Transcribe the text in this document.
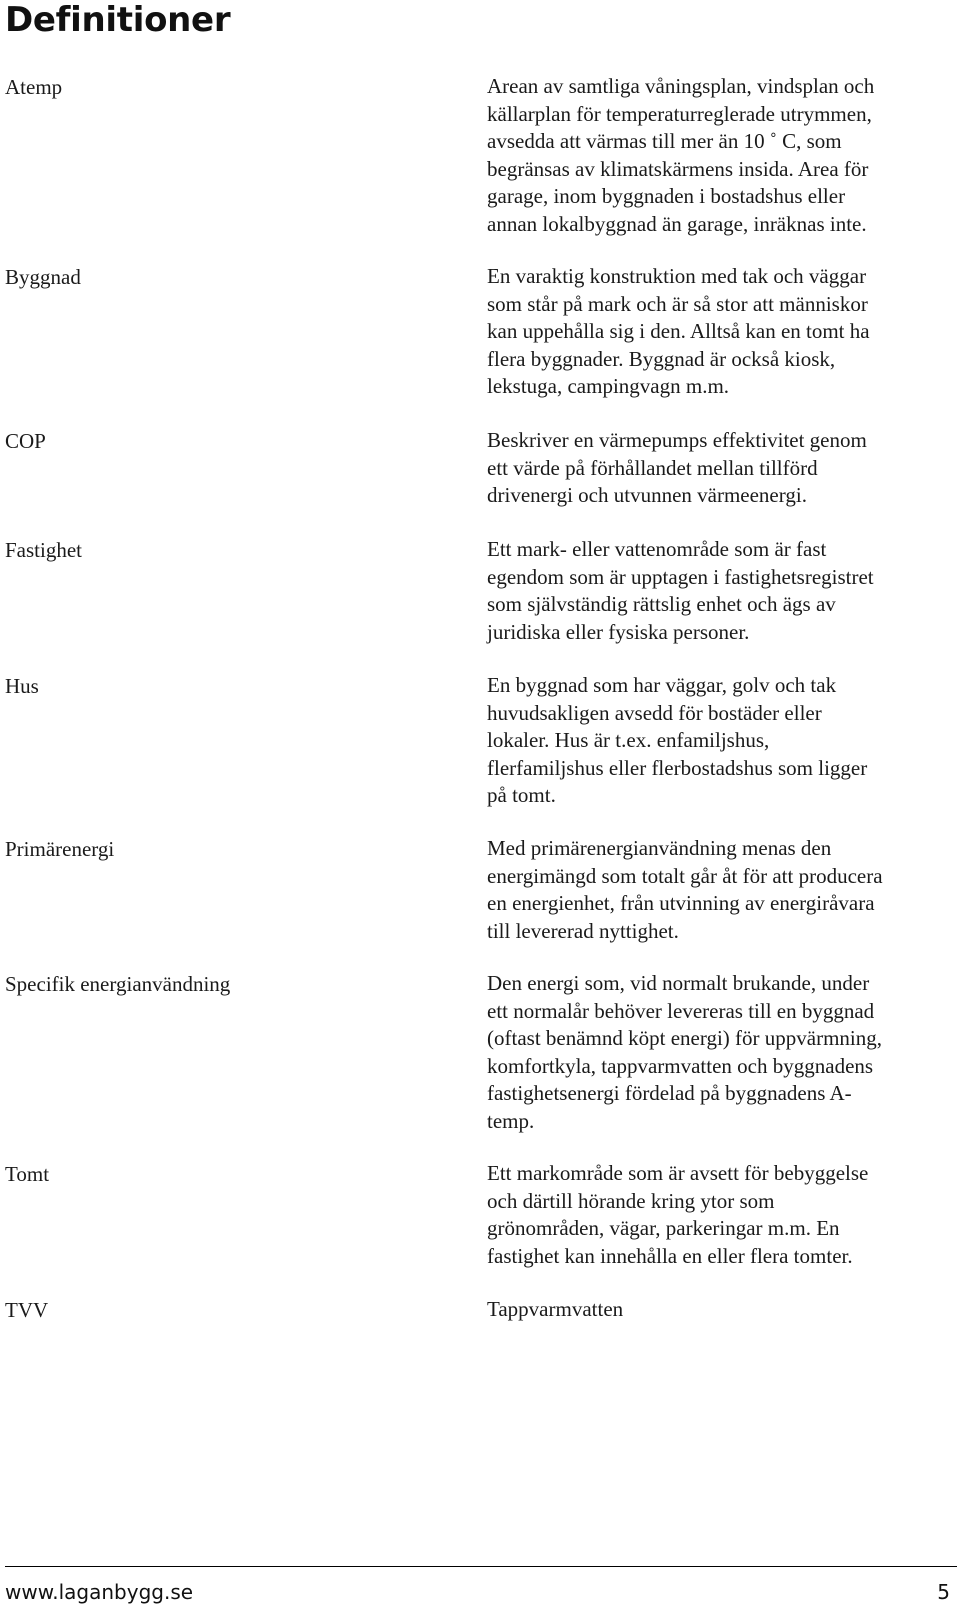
Definitioner
Atemp	Arean av samtliga våningsplan, vindsplan och
källarplan för temperaturreglerade utrymmen,
avsedda att värmas till mer än 10 ˚ C, som
begränsas av klimatskärmens insida. Area för
garage, inom byggnaden i bostadshus eller
annan lokalbyggnad än garage, inräknas inte.
Byggnad	En varaktig konstruktion med tak och väggar
som står på mark och är så stor att människor
kan uppehålla sig i den. Alltså kan en tomt ha
flera byggnader. Byggnad är också kiosk,
lekstuga, campingvagn m.m.
COP	Beskriver en värmepumps effektivitet genom
ett värde på förhållandet mellan tillförd
drivenergi och utvunnen värmeenergi.
Fastighet	Ett mark- eller vattenområde som är fast
egendom som är upptagen i fastighetsregistret
som självständig rättslig enhet och ägs av
juridiska eller fysiska personer.
Hus	En byggnad som har väggar, golv och tak
huvudsakligen avsedd för bostäder eller
lokaler. Hus är t.ex. enfamiljshus,
flerfamiljshus eller flerbostadshus som ligger
på tomt.
Primärenergi	Med primärenergianvändning menas den
energimängd som totalt går åt för att producera
en energienhet, från utvinning av energiråvara
till levererad nyttighet.
Specifik energianvändning	Den energi som, vid normalt brukande, under
ett normalår behöver levereras till en byggnad
(oftast benämnd köpt energi) för uppvärmning,
komfortkyla, tappvarmvatten och byggnadens
fastighetsenergi fördelad på byggnadens A-
temp.
Tomt	Ett markområde som är avsett för bebyggelse
och därtill hörande kring ytor som
grönområden, vägar, parkeringar m.m. En
fastighet kan innehålla en eller flera tomter.
TVV	Tappvarmvatten
www.laganbygg.se	5
